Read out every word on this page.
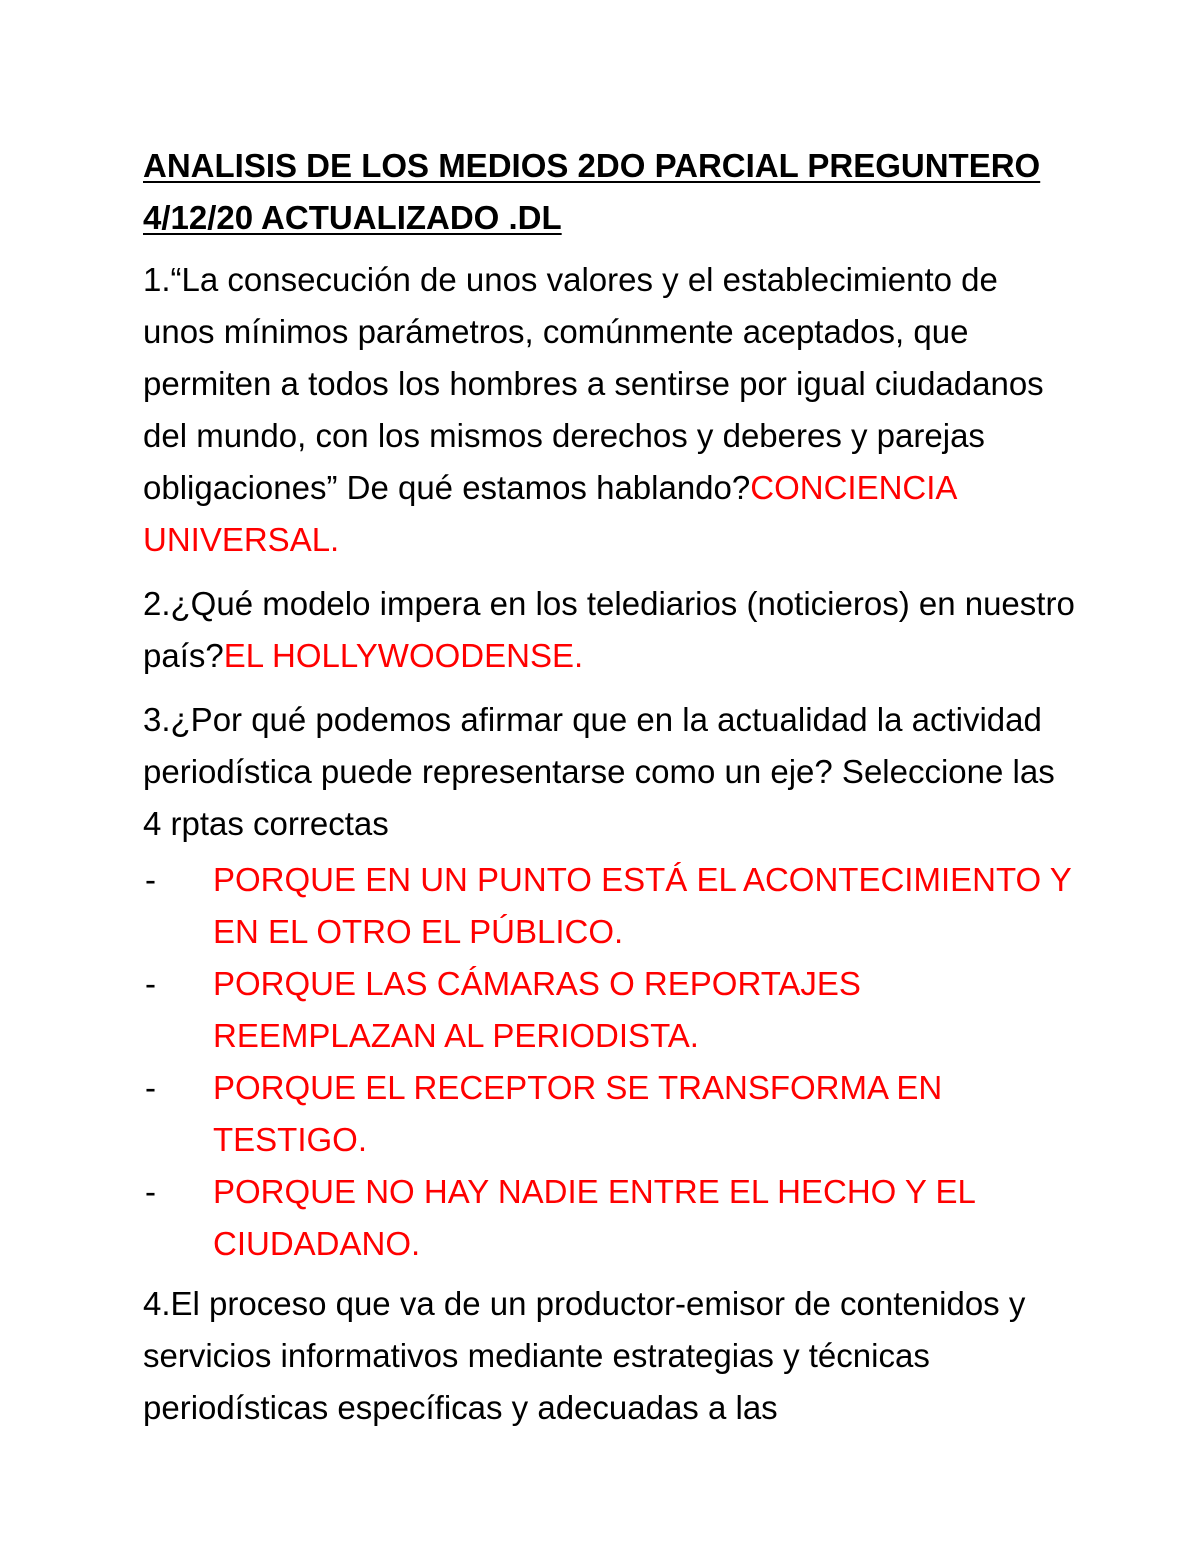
ANALISIS DE LOS MEDIOS 2DO PARCIAL PREGUNTERO
4/12/20 ACTUALIZADO .DL

1.“La consecución de unos valores y el establecimiento de unos mínimos parámetros, comúnmente aceptados, que permiten a todos los hombres a sentirse por igual ciudadanos del mundo, con los mismos derechos y deberes y parejas obligaciones” De qué estamos hablando?CONCIENCIA UNIVERSAL.

2.¿Qué modelo impera en los telediarios (noticieros) en nuestro país?EL HOLLYWOODENSE.

3.¿Por qué podemos afirmar que en la actualidad la actividad periodística puede representarse como un eje? Seleccione las 4 rptas correctas
- PORQUE EN UN PUNTO ESTÁ EL ACONTECIMIENTO Y EN EL OTRO EL PÚBLICO.
- PORQUE LAS CÁMARAS O REPORTAJES REEMPLAZAN AL PERIODISTA.
- PORQUE EL RECEPTOR SE TRANSFORMA EN TESTIGO.
- PORQUE NO HAY NADIE ENTRE EL HECHO Y EL CIUDADANO.

4.El proceso que va de un productor-emisor de contenidos y servicios informativos mediante estrategias y técnicas periodísticas específicas y adecuadas a las
